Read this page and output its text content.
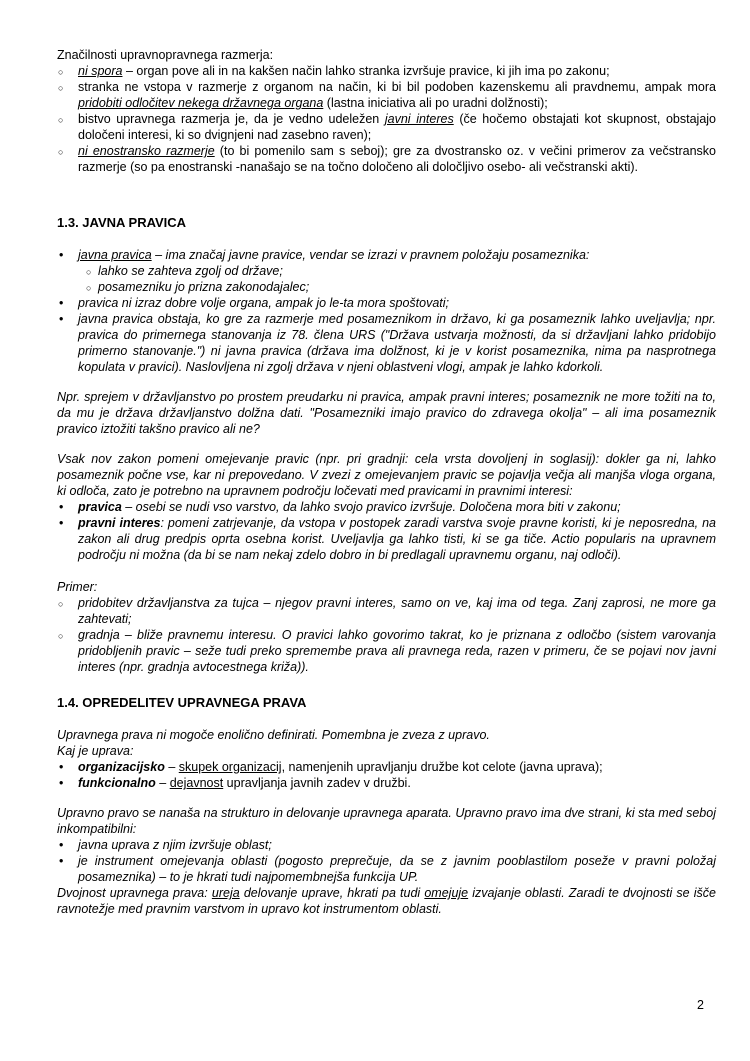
Značilnosti upravnopravnega razmerja:

○ ni spora – organ pove ali in na kakšen način lahko stranka izvršuje pravice, ki jih ima po zakonu;
○ stranka ne vstopa v razmerje z organom na način, ki bi bil podoben kazenskemu ali pravdnemu, ampak mora pridobiti odločitev nekega državnega organa (lastna iniciativa ali po uradni dolžnosti);
○ bistvo upravnega razmerja je, da je vedno udeležen javni interes (če hočemo obstajati kot skupnost, obstajajo določeni interesi, ki so dvignjeni nad zasebno raven);
○ ni enostransko razmerje (to bi pomenilo sam s seboj); gre za dvostransko oz. v večini primerov za večstransko razmerje (so pa enostranski -nanašajo se na točno določeno ali določljivo osebo- ali večstranski akti).
1.3. JAVNA PRAVICA
• javna pravica – ima značaj javne pravice, vendar se izrazi v pravnem položaju posameznika:
○ lahko se zahteva zgolj od države;
○ posamezniku jo prizna zakonodajalec;
• pravica ni izraz dobre volje organa, ampak jo le-ta mora spoštovati;
• javna pravica obstaja, ko gre za razmerje med posameznikom in državo, ki ga posameznik lahko uveljavlja; npr. pravica do primernega stanovanja iz 78. člena URS ("Država ustvarja možnosti, da si državljani lahko pridobijo primerno stanovanje.") ni javna pravica (država ima dolžnost, ki je v korist posameznika, nima pa nasprotnega kopulata v pravici). Naslovljena ni zgolj država v njeni oblastveni vlogi, ampak je lahko kdorkoli.

Npr. sprejem v državljanstvo po prostem preudarku ni pravica, ampak pravni interes; posameznik ne more tožiti na to, da mu je država državljanstvo dolžna dati. "Posamezniki imajo pravico do zdravega okolja" – ali ima posameznik pravico iztožiti takšno pravico ali ne?

Vsak nov zakon pomeni omejevanje pravic (npr. pri gradnji: cela vrsta dovoljenj in soglasij): dokler ga ni, lahko posameznik počne vse, kar ni prepovedano. V zvezi z omejevanjem pravic se pojavlja večja ali manjša vloga organa, ki odloča, zato je potrebno na upravnem področju ločevati med pravicami in pravnimi interesi:

• pravica – osebi se nudi vso varstvo, da lahko svojo pravico izvršuje. Določena mora biti v zakonu;
• pravni interes: pomeni zatrjevanje, da vstopa v postopek zaradi varstva svoje pravne koristi, ki je neposredna, na zakon ali drug predpis oprta osebna korist. Uveljavlja ga lahko tisti, ki se ga tiče. Actio popularis na upravnem področju ni možna (da bi se nam nekaj zdelo dobro in bi predlagali upravnemu organu, naj odloči).

Primer:

○ pridobitev državljanstva za tujca – njegov pravni interes, samo on ve, kaj ima od tega. Zanj zaprosi, ne more ga zahtevati;
○ gradnja – bliže pravnemu interesu. O pravici lahko govorimo takrat, ko je priznana z odločbo (sistem varovanja pridobljenih pravic – seže tudi preko spremembe prava ali pravnega reda, razen v primeru, če se pojavi nov javni interes (npr. gradnja avtocestnega križa)).
1.4. OPREDELITEV UPRAVNEGA PRAVA

Upravnega prava ni mogoče enolično definirati. Pomembna je zveza z upravo.

Kaj je uprava:

• organizacijsko – skupek organizacij, namenjenih upravljanju družbe kot celote (javna uprava);
• funkcionalno – dejavnost upravljanja javnih zadev v družbi.

Upravno pravo se nanaša na strukturo in delovanje upravnega aparata. Upravno pravo ima dve strani, ki sta med seboj inkompatibilni:

• javna uprava z njim izvršuje oblast;
• je instrument omejevanja oblasti (pogosto preprečuje, da se z javnim pooblastilom poseže v pravni položaj posameznika) – to je hkrati tudi najpomembnejša funkcija UP.

Dvojnost upravnega prava: ureja delovanje uprave, hkrati pa tudi omejuje izvajanje oblasti. Zaradi te dvojnosti se išče ravnotežje med pravnim varstvom in upravo kot instrumentom oblasti.

2
